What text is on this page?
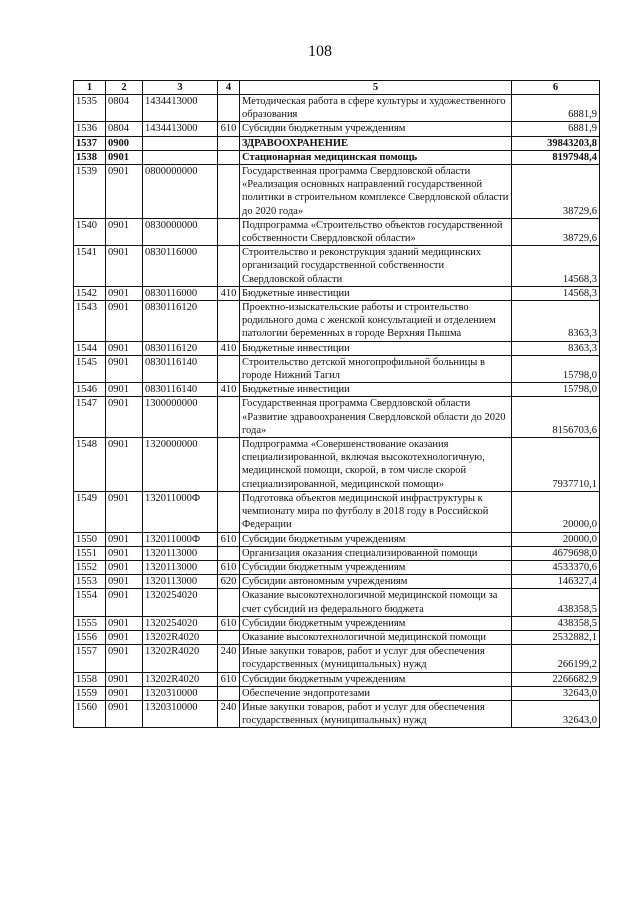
108
1	2	3	4	5	6
1535	0804	1434413000		Методическая работа в сфере культуры и художественного образования	6881,9
1536	0804	1434413000	610	Субсидии бюджетным учреждениям	6881,9
1537	0900			ЗДРАВООХРАНЕНИЕ	39843203,8
1538	0901			Стационарная медицинская помощь	8197948,4
1539	0901	0800000000		Государственная программа Свердловской области «Реализация основных направлений государственной политики в строительном комплексе Свердловской области до 2020 года»	38729,6
1540	0901	0830000000		Подпрограмма «Строительство объектов государственной собственности Свердловской области»	38729,6
1541	0901	0830116000		Строительство и реконструкция зданий медицинских организаций государственной собственности Свердловской области	14568,3
1542	0901	0830116000	410	Бюджетные инвестиции	14568,3
1543	0901	0830116120		Проектно-изыскательские работы и строительство родильного дома с женской консультацией и отделением патологии беременных в городе Верхняя Пышма	8363,3
1544	0901	0830116120	410	Бюджетные инвестиции	8363,3
1545	0901	0830116140		Строительство детской многопрофильной больницы в городе Нижний Тагил	15798,0
1546	0901	0830116140	410	Бюджетные инвестиции	15798,0
1547	0901	1300000000		Государственная программа Свердловской области «Развитие здравоохранения Свердловской области до 2020 года»	8156703,6
1548	0901	1320000000		Подпрограмма «Совершенствование оказания специализированной, включая высокотехнологичную, медицинской помощи, скорой, в том числе скорой специализированной, медицинской помощи»	7937710,1
1549	0901	132011000Ф		Подготовка объектов медицинской инфраструктуры к чемпионату мира по футболу в 2018 году в Российской Федерации	20000,0
1550	0901	132011000Ф	610	Субсидии бюджетным учреждениям	20000,0
1551	0901	1320113000		Организация оказания специализированной помощи	4679698,0
1552	0901	1320113000	610	Субсидии бюджетным учреждениям	4533370,6
1553	0901	1320113000	620	Субсидии автономным учреждениям	146327,4
1554	0901	1320254020		Оказание высокотехнологичной медицинской помощи за счет субсидий из федерального бюджета	438358,5
1555	0901	1320254020	610	Субсидии бюджетным учреждениям	438358,5
1556	0901	13202R4020		Оказание высокотехнологичной медицинской помощи	2532882,1
1557	0901	13202R4020	240	Иные закупки товаров, работ и услуг для обеспечения государственных (муниципальных) нужд	266199,2
1558	0901	13202R4020	610	Субсидии бюджетным учреждениям	2266682,9
1559	0901	1320310000		Обеспечение эндопротезами	32643,0
1560	0901	1320310000	240	Иные закупки товаров, работ и услуг для обеспечения государственных (муниципальных) нужд	32643,0
